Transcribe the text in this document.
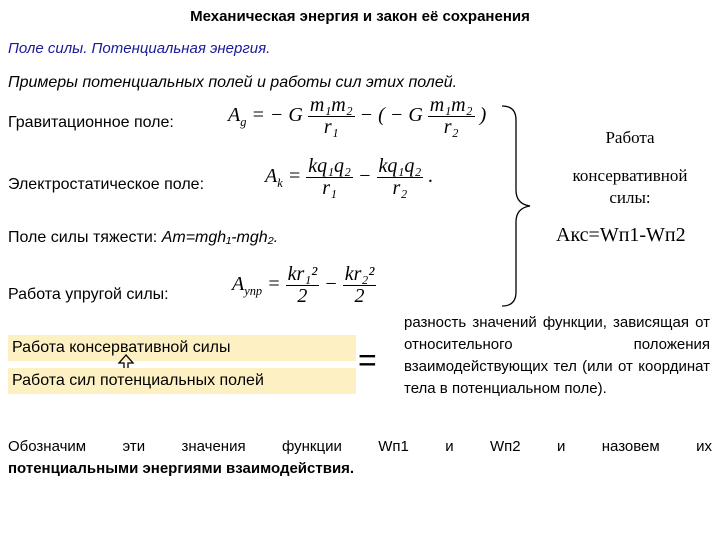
Механическая энергия и закон её сохранения
Поле силы. Потенциальная энергия.
Примеры потенциальных полей и работы сил этих полей.
Гравитационное поле:	$A_g$ = − G $\frac{\text{m₁m₂}}{\text{r₁}}$ − ( − G $\frac{\text{m₁m₂}}{\text{r₂}}$ )
Электростатическое поле:	$A_k = \frac{\text{kq₁q₂}}{\text{r₁}} - \frac{\text{kq₁q₂}}{\text{r₂}}$ .
Поле силы тяжести: Aт=mgh₁-mgh₂.
Работа упругой силы:	$A_{упр} = \frac{\text{kr₁²}}{2} - \frac{\text{kr₂²}}{2}$
Работа
консервативной
силы:
Aкс=Wп1-Wп2
Работа консервативной силы
Работа сил потенциальных полей
=
разность значений функции, зависящая от относительного положения взаимодействующих тел (или от координат тела в потенциальном поле).
Обозначим эти значения функции Wп1 и Wп2 и назовем их
потенциальными энергиями взаимодействия.
